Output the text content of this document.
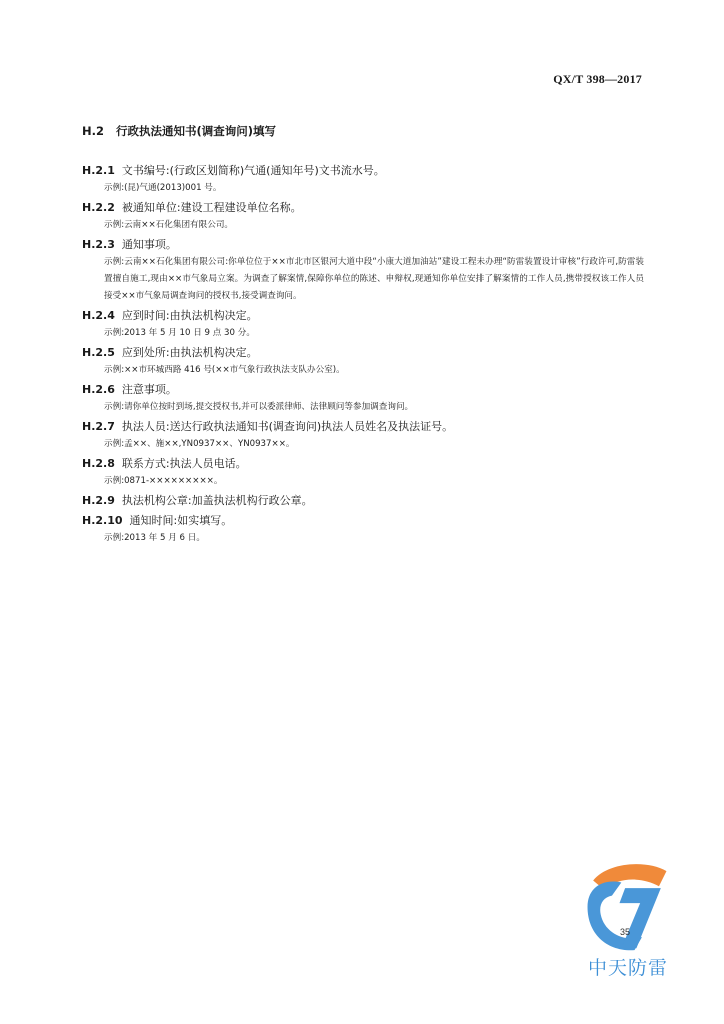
QX/T 398—2017
H.2 行政执法通知书(调查询问)填写
H.2.1 文书编号:(行政区划简称)气通(通知年号)文书流水号。
示例:(昆)气通(2013)001 号。
H.2.2 被通知单位:建设工程建设单位名称。
示例:云南××石化集团有限公司。
H.2.3 通知事项。
示例:云南××石化集团有限公司:你单位位于××市北市区银河大道中段“小康大道加油站”建设工程未办理“防雷装置设计审核”行政许可,防雷装置擅自施工,现由××市气象局立案。为调查了解案情,保障你单位的陈述、申辩权,现通知你单位安排了解案情的工作人员,携带授权该工作人员接受××市气象局调查询问的授权书,接受调查询问。
H.2.4 应到时间:由执法机构决定。
示例:2013 年 5 月 10 日 9 点 30 分。
H.2.5 应到处所:由执法机构决定。
示例:××市环城西路 416 号(××市气象行政执法支队办公室)。
H.2.6 注意事项。
示例:请你单位按时到场,提交授权书,并可以委派律师、法律顾问等参加调查询问。
H.2.7 执法人员:送达行政执法通知书(调查询问)执法人员姓名及执法证号。
示例:孟××、施××,YN0937××、YN0937××。
H.2.8 联系方式:执法人员电话。
示例:0871-×××××××××。
H.2.9 执法机构公章:加盖执法机构行政公章。
H.2.10 通知时间:如实填写。
示例:2013 年 5 月 6 日。
35
中天防雷
